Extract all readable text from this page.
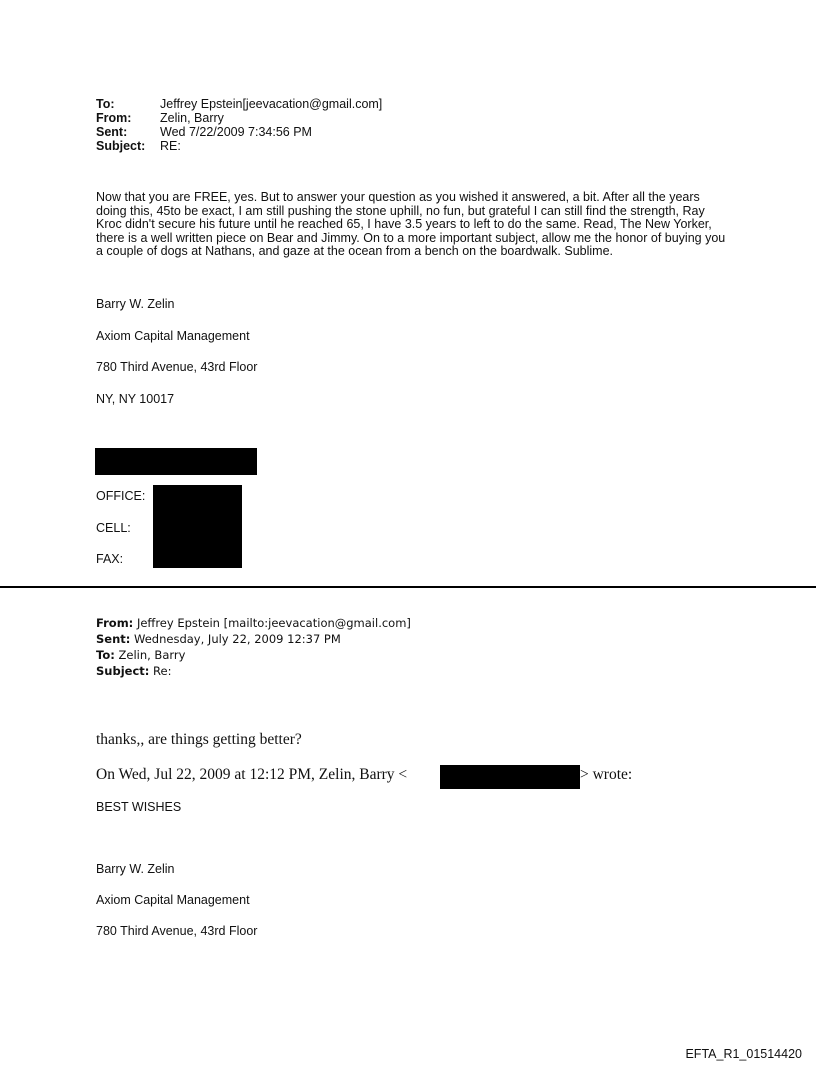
To:	Jeffrey Epstein[jeevacation@gmail.com]
From: Zelin, Barry
Sent:	Wed 7/22/2009 7:34:56 PM
Subject: RE:
Now that you are FREE, yes. But to answer your question as you wished it answered, a bit. After all the years doing this, 45to be exact, I am still pushing the stone uphill, no fun, but grateful I can still find the strength, Ray Kroc didn't secure his future until he reached 65, I have 3.5 years to left to do the same. Read, The New Yorker, there is a well written piece on Bear and Jimmy. On to a more important subject, allow me the honor of buying you a couple of dogs at Nathans, and gaze at the ocean from a bench on the boardwalk. Sublime.
Barry W. Zelin
Axiom Capital Management
780 Third Avenue, 43rd Floor
NY, NY 10017
OFFICE:
CELL:
FAX:
From: Jeffrey Epstein [mailto:jeevacation@gmail.com]
Sent: Wednesday, July 22, 2009 12:37 PM
To: Zelin, Barry
Subject: Re:
thanks,, are things getting better?
On Wed, Jul 22, 2009 at 12:12 PM, Zelin, Barry <	> wrote:
BEST WISHES
Barry W. Zelin
Axiom Capital Management
780 Third Avenue, 43rd Floor
EFTA_R1_01514420
